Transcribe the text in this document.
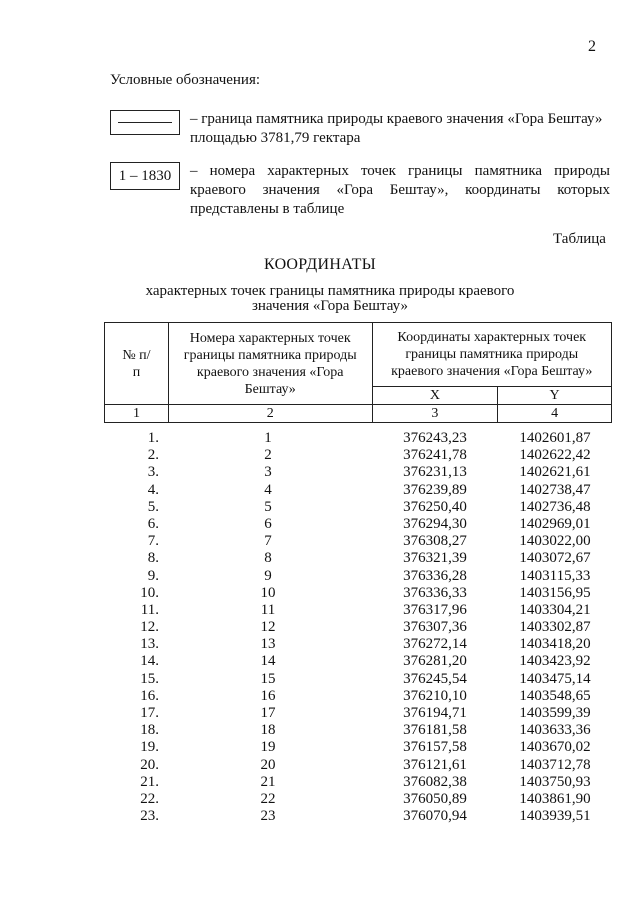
2
Условные обозначения:
– граница памятника природы краевого значения «Гора Бештау» площадью 3781,79 гектара
1 – 1830	– номера характерных точек границы памятника природы краевого значения «Гора Бештау», координаты которых представлены в таблице
Таблица
КООРДИНАТЫ
характерных точек границы памятника природы краевого значения «Гора Бештау»
№ п/п	Номера характерных точек границы памятника природы краевого значения «Гора Бештау»	Координаты характерных точек границы памятника природы краевого значения «Гора Бештау»	
		X	Y
1	2	3	4
1.	1	376243,23	1402601,87
2.	2	376241,78	1402622,42
3.	3	376231,13	1402621,61
4.	4	376239,89	1402738,47
5.	5	376250,40	1402736,48
6.	6	376294,30	1402969,01
7.	7	376308,27	1403022,00
8.	8	376321,39	1403072,67
9.	9	376336,28	1403115,33
10.	10	376336,33	1403156,95
11.	11	376317,96	1403304,21
12.	12	376307,36	1403302,87
13.	13	376272,14	1403418,20
14.	14	376281,20	1403423,92
15.	15	376245,54	1403475,14
16.	16	376210,10	1403548,65
17.	17	376194,71	1403599,39
18.	18	376181,58	1403633,36
19.	19	376157,58	1403670,02
20.	20	376121,61	1403712,78
21.	21	376082,38	1403750,93
22.	22	376050,89	1403861,90
23.	23	376070,94	1403939,51
